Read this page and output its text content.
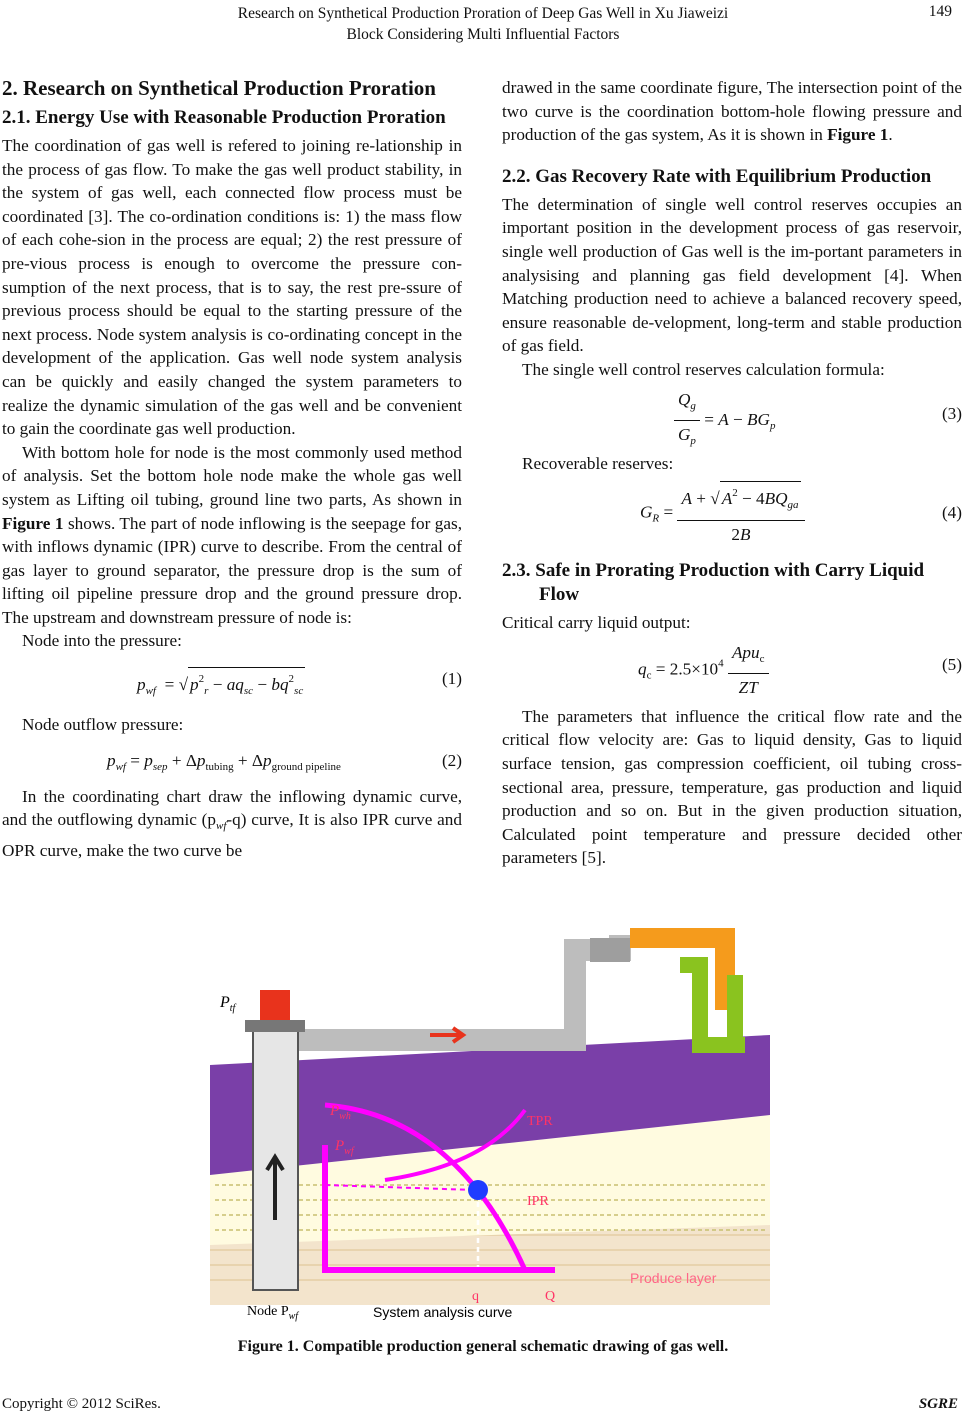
Research on Synthetical Production Proration of Deep Gas Well in Xu Jiaweizi
Block Considering Multi Influential Factors
149
2. Research on Synthetical Production Proration
2.1. Energy Use with Reasonable Production Proration

The coordination of gas well is refered to joining re-lationship in the process of gas flow. To make the gas well product stability, in the system of gas well, each connected flow process must be coordinated [3]. The co-ordination conditions is: 1) the mass flow of each cohe-sion in the process are equal; 2) the rest pressure of pre-vious process is enough to overcome the pressure con-sumption of the next process, that is to say, the rest pre-ssure of previous process should be equal to the starting pressure of the next process. Node system analysis is co-ordinating concept in the development of the application. Gas well node system analysis can be quickly and easily changed the system parameters to realize the dynamic simulation of the gas well and be convenient to gain the coordinate gas well production.

With bottom hole for node is the most commonly used method of analysis. Set the bottom hole node make the whole gas well system as Lifting oil tubing, ground line two parts, As shown in Figure 1 shows. The part of node inflowing is the seepage for gas, with inflows dynamic (IPR) curve to describe. From the central of gas layer to ground separator, the pressure drop is the sum of lifting oil pipeline pressure drop and the ground pressure drop. The upstream and downstream pressure of node is:

Node into the pressure:

$p_{wf}$  = √ $p^2_r - aq_{sc} - bq^2_{sc}$
(1)

Node outflow pressure:

$p_{wf} = p_{sep} + \Delta p_{tubing} + \Delta p_{ground pipeline}$	(2)

In the coordinating chart draw the inflowing dynamic curve, and the outflowing dynamic $(p_{wf}-q)$ curve, It is also IPR curve and OPR curve, make the two curve be

drawed in the same coordinate figure, The intersection point of the two curve is the coordination bottom-hole flowing pressure and production of the gas system, As it is shown in Figure 1.

2.2. Gas Recovery Rate with Equilibrium Production

The determination of single well control reserves occupies an important position in the development process of gas reservoir, single well production of Gas well is the im-portant parameters in analysising and planning gas field development [4]. When Matching production need to achieve a balanced recovery speed, ensure reasonable de-velopment, long-term and stable production of gas field.

The single well control reserves calculation formula:

$\frac{Q_g}{G_p} = A - BG_p$
(3)

Recoverable reserves:

$G_R = \frac{A + √ A^2 - 4BQ_{ga}}{2B}$	(4)
2.3. Safe in Prorating Production with Carry Liquid Flow

Critical carry liquid output:

$q_c = 2.5\times 10^4 \frac{Apu_c}{ZT}$	(5)

The parameters that influence the critical flow rate and the critical flow velocity are: Gas to liquid density, Gas to liquid surface tension, gas compression coefficient, oil tubing cross-sectional area, pressure, temperature, gas production and liquid production and so on. But in the given production situation, Calculated point temperature and pressure decided other parameters [5].

$P_{tf}$
$P_{wh}$
$P_{wf}$
TPR
IPR
q	Q
Produce layer
Node $P_{wf}$	System analysis curve
Figure 1. Compatible production general schematic drawing of gas well.
Copyright © 2012 SciRes.	SGRE
